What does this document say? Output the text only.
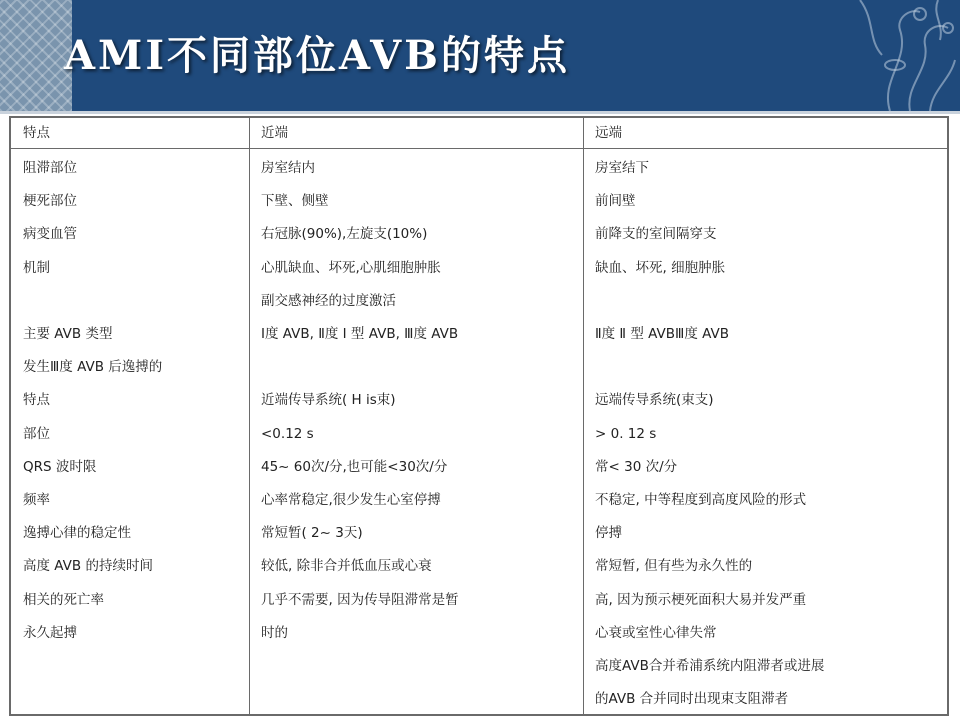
AMI不同部位AVB的特点
特点	近端	远端
阻滞部位
梗死部位
病变血管
机制
主要 AVB 类型
发生Ⅲ度 AVB 后逸搏的
特点
部位
QRS 波时限
频率
逸搏心律的稳定性
高度 AVB 的持续时间
相关的死亡率
永久起搏
房室结内
下壁、侧壁
右冠脉(90%),左旋支(10%)
心肌缺血、坏死,心肌细胞肿胀
副交感神经的过度激活
Ⅰ度 AVB, Ⅱ度 Ⅰ 型 AVB, Ⅲ度 AVB
近端传导系统( H is束)
<0.12 s
45~ 60次/分,也可能<30次/分
心率常稳定,很少发生心室停搏
常短暂( 2~ 3天)
较低, 除非合并低血压或心衰
几乎不需要, 因为传导阻滞常是暂
时的
房室结下
前间壁
前降支的室间隔穿支
缺血、坏死, 细胞肿胀
Ⅱ度 Ⅱ 型 AVBⅢ度 AVB
远端传导系统(束支)
> 0. 12 s
常< 30 次/分
不稳定, 中等程度到高度风险的形式
停搏
常短暂, 但有些为永久性的
高, 因为预示梗死面积大易并发严重
心衰或室性心律失常
高度AVB合并希浦系统内阻滞者或进展
的AVB 合并同时出现束支阻滞者
